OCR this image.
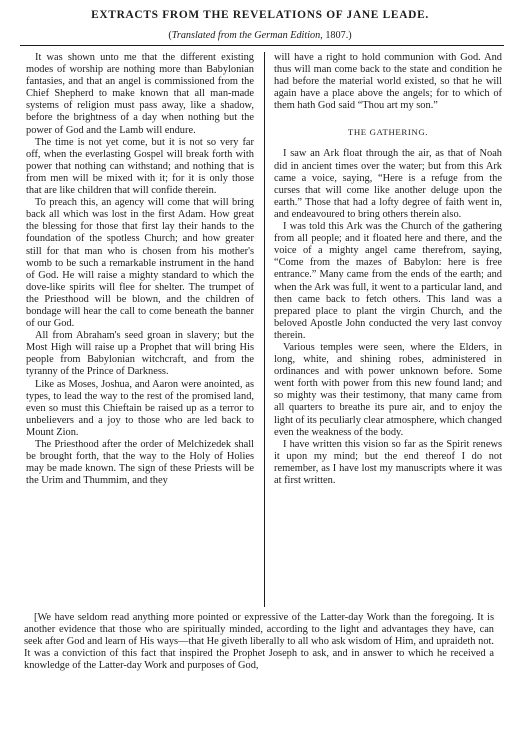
EXTRACTS FROM THE REVELATIONS OF JANE LEADE.
(Translated from the German Edition, 1807.)

It was shown unto me that the different existing modes of worship are nothing more than Babylonian fantasies, and that an angel is commissioned from the Chief Shepherd to make known that all man-made systems of religion must pass away, like a shadow, before the brightness of a day when nothing but the power of God and the Lamb will endure.

The time is not yet come, but it is not so very far off, when the everlasting Gospel will break forth with power that nothing can withstand; and nothing that is from men will be mixed with it; for it is only those that are like children that will confide therein.

To preach this, an agency will come that will bring back all which was lost in the first Adam. How great the blessing for those that first lay their hands to the foundation of the spotless Church; and how greater still for that man who is chosen from his mother's womb to be such a remarkable instrument in the hand of God. He will raise a mighty standard to which the dove-like spirits will flee for shelter. The trumpet of the Priesthood will be blown, and the children of bondage will hear the call to come beneath the banner of our God.

All from Abraham's seed groan in slavery; but the Most High will raise up a Prophet that will bring His people from Babylonian witchcraft, and from the tyranny of the Prince of Darkness.

Like as Moses, Joshua, and Aaron were anointed, as types, to lead the way to the rest of the promised land, even so must this Chieftain be raised up as a terror to unbelievers and a joy to those who are led back to Mount Zion.

The Priesthood after the order of Melchizedek shall be brought forth, that the way to the Holy of Holies may be made known. The sign of these Priests will be the Urim and Thummim, and they

will have a right to hold communion with God. And thus will man come back to the state and condition he had before the material world existed, so that he will again have a place above the angels; for to which of them hath God said “Thou art my son.”

THE GATHERING.

I saw an Ark float through the air, as that of Noah did in ancient times over the water; but from this Ark came a voice, saying, “Here is a refuge from the curses that will come like another deluge upon the earth.” Those that had a lofty degree of faith went in, and endeavoured to bring others therein also.

I was told this Ark was the Church of the gathering from all people; and it floated here and there, and the voice of a mighty angel came therefrom, saying, “Come from the mazes of Babylon: here is free entrance.” Many came from the ends of the earth; and when the Ark was full, it went to a particular land, and then came back to fetch others. This land was a prepared place to plant the virgin Church, and the beloved Apostle John conducted the very last convoy therein.

Various temples were seen, where the Elders, in long, white, and shining robes, administered in ordinances and with power unknown before. Some went forth with power from this new found land; and so mighty was their testimony, that many came from all quarters to breathe its pure air, and to enjoy the light of its peculiarly clear atmosphere, which changed even the weakness of the body.

I have written this vision so far as the Spirit renews it upon my mind; but the end thereof I do not remember, as I have lost my manuscripts where it was at first written.

[We have seldom read anything more pointed or expressive of the Latter-day Work than the foregoing. It is another evidence that those who are spiritually minded, according to the light and advantages they have, can seek after God and learn of His ways—that He giveth liberally to all who ask wisdom of Him, and upraideth not. It was a conviction of this fact that inspired the Prophet Joseph to ask, and in answer to which he received a knowledge of the Latter-day Work and purposes of God,
